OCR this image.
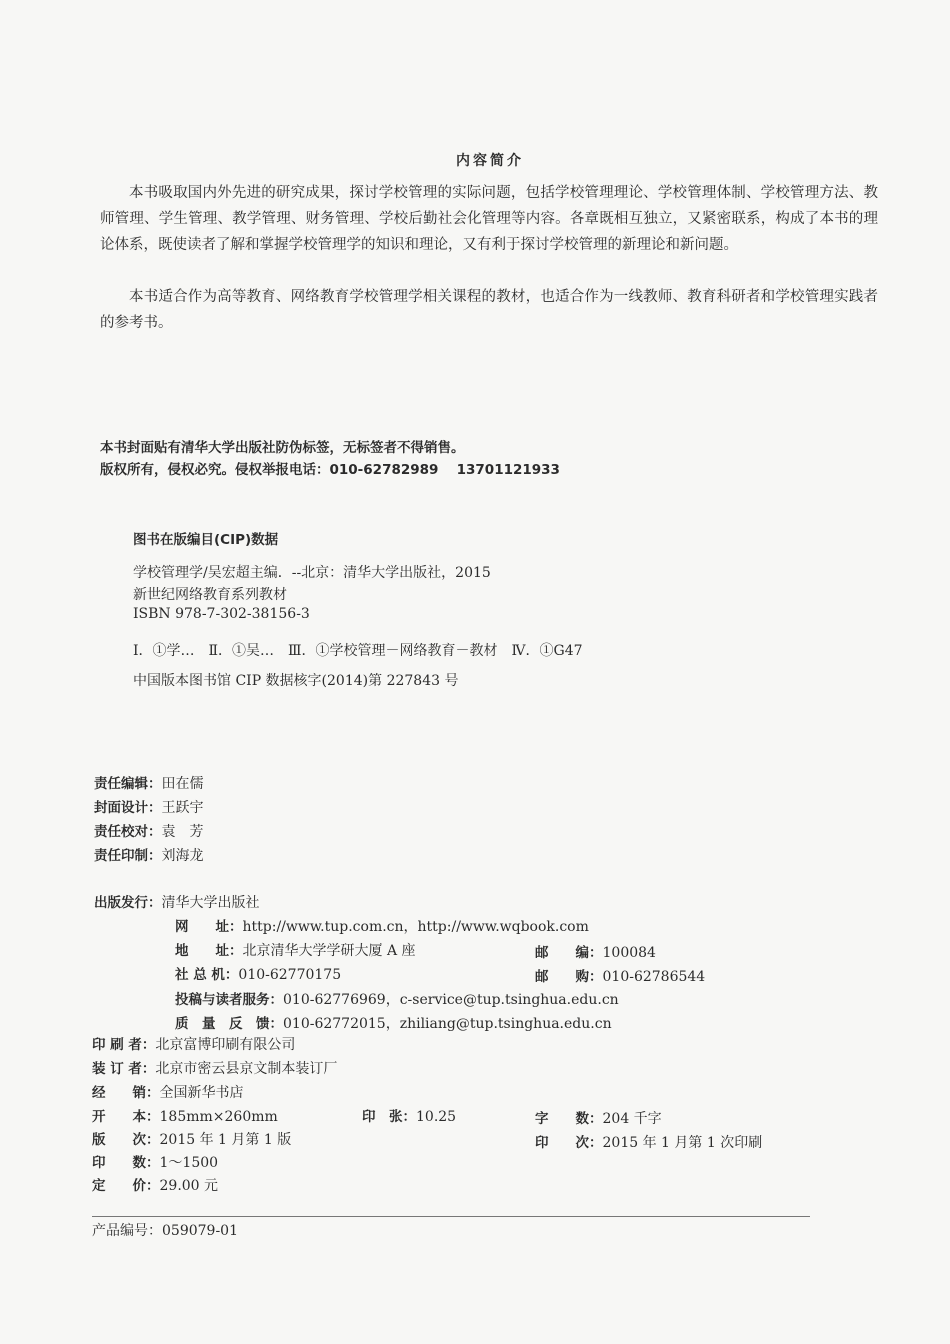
内容简介

本书吸取国内外先进的研究成果，探讨学校管理的实际问题，包括学校管理理论、学校管理体制、学校管理方法、教师管理、学生管理、教学管理、财务管理、学校后勤社会化管理等内容。各章既相互独立，又紧密联系，构成了本书的理论体系，既使读者了解和掌握学校管理学的知识和理论，又有利于探讨学校管理的新理论和新问题。

本书适合作为高等教育、网络教育学校管理学相关课程的教材，也适合作为一线教师、教育科研者和学校管理实践者的参考书。

本书封面贴有清华大学出版社防伪标签，无标签者不得销售。
版权所有，侵权必究。侵权举报电话：010-62782989　 13701121933
图书在版编目(CIP)数据
学校管理学/吴宏超主编．--北京：清华大学出版社，2015
新世纪网络教育系列教材
ISBN 978-7-302-38156-3
Ⅰ．①学…　Ⅱ．①吴…　Ⅲ．①学校管理－网络教育－教材　Ⅳ．①G47
中国版本图书馆 CIP 数据核字(2014)第 227843 号
责任编辑：田在儒
封面设计：王跃宇
责任校对：袁　芳
责任印制：刘海龙
出版发行：清华大学出版社
网　　址：http://www.tup.com.cn，http://www.wqbook.com
地　　址：北京清华大学学研大厦 A 座	邮　　编：100084
社 总 机：010-62770175	邮　　购：010-62786544
投稿与读者服务：010-62776969，c-service@tup.tsinghua.edu.cn
质　量　反　馈：010-62772015，zhiliang@tup.tsinghua.edu.cn
印 刷 者：北京富博印刷有限公司
装 订 者：北京市密云县京文制本装订厂
经　　销：全国新华书店
开　　本：185mm×260mm	印　张：10.25	字　　数：204 千字
版　　次：2015 年 1 月第 1 版	印　　次：2015 年 1 月第 1 次印刷
印　　数：1～1500
定　　价：29.00 元
产品编号：059079-01
